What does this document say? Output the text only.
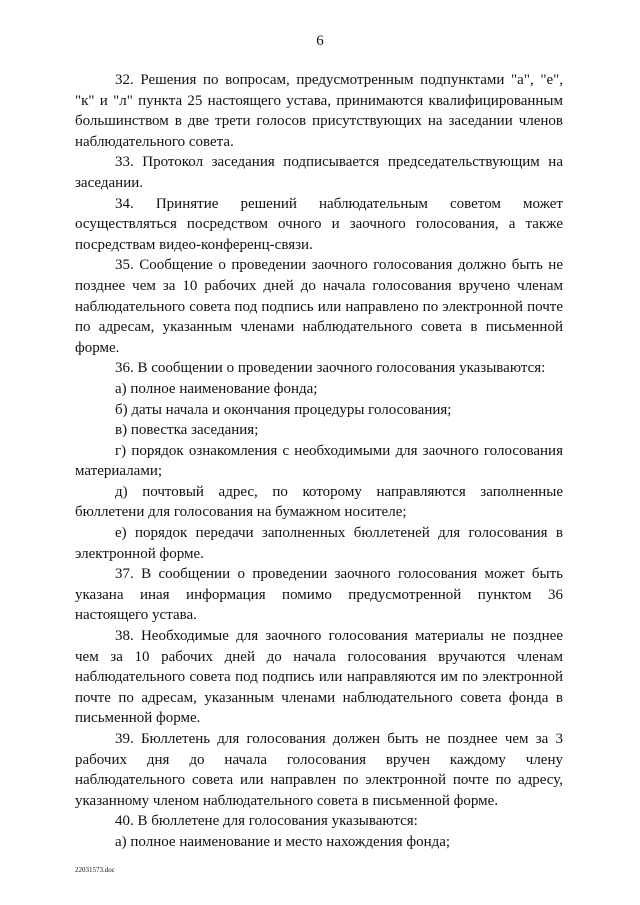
6

32. Решения по вопросам, предусмотренным подпунктами "а", "е", "к" и "л" пункта 25 настоящего устава, принимаются квалифицированным большинством в две трети голосов присутствующих на заседании членов наблюдательного совета.

33. Протокол заседания подписывается председательствующим на заседании.

34. Принятие решений наблюдательным советом может осуществляться посредством очного и заочного голосования, а также посредствам видео-конференц-связи.

35. Сообщение о проведении заочного голосования должно быть не позднее чем за 10 рабочих дней до начала голосования вручено членам наблюдательного совета под подпись или направлено по электронной почте по адресам, указанным членами наблюдательного совета в письменной форме.

36. В сообщении о проведении заочного голосования указываются:

а) полное наименование фонда;

б) даты начала и окончания процедуры голосования;

в) повестка заседания;

г) порядок ознакомления с необходимыми для заочного голосования материалами;

д) почтовый адрес, по которому направляются заполненные бюллетени для голосования на бумажном носителе;

е) порядок передачи заполненных бюллетеней для голосования в электронной форме.

37. В сообщении о проведении заочного голосования может быть указана иная информация помимо предусмотренной пунктом 36 настоящего устава.

38. Необходимые для заочного голосования материалы не позднее чем за 10 рабочих дней до начала голосования вручаются членам наблюдательного совета под подпись или направляются им по электронной почте по адресам, указанным членами наблюдательного совета фонда в письменной форме.

39. Бюллетень для голосования должен быть не позднее чем за 3 рабочих дня до начала голосования вручен каждому члену наблюдательного совета или направлен по электронной почте по адресу, указанному членом наблюдательного совета в письменной форме.

40. В бюллетене для голосования указываются:

а) полное наименование и место нахождения фонда;

22031573.doc
